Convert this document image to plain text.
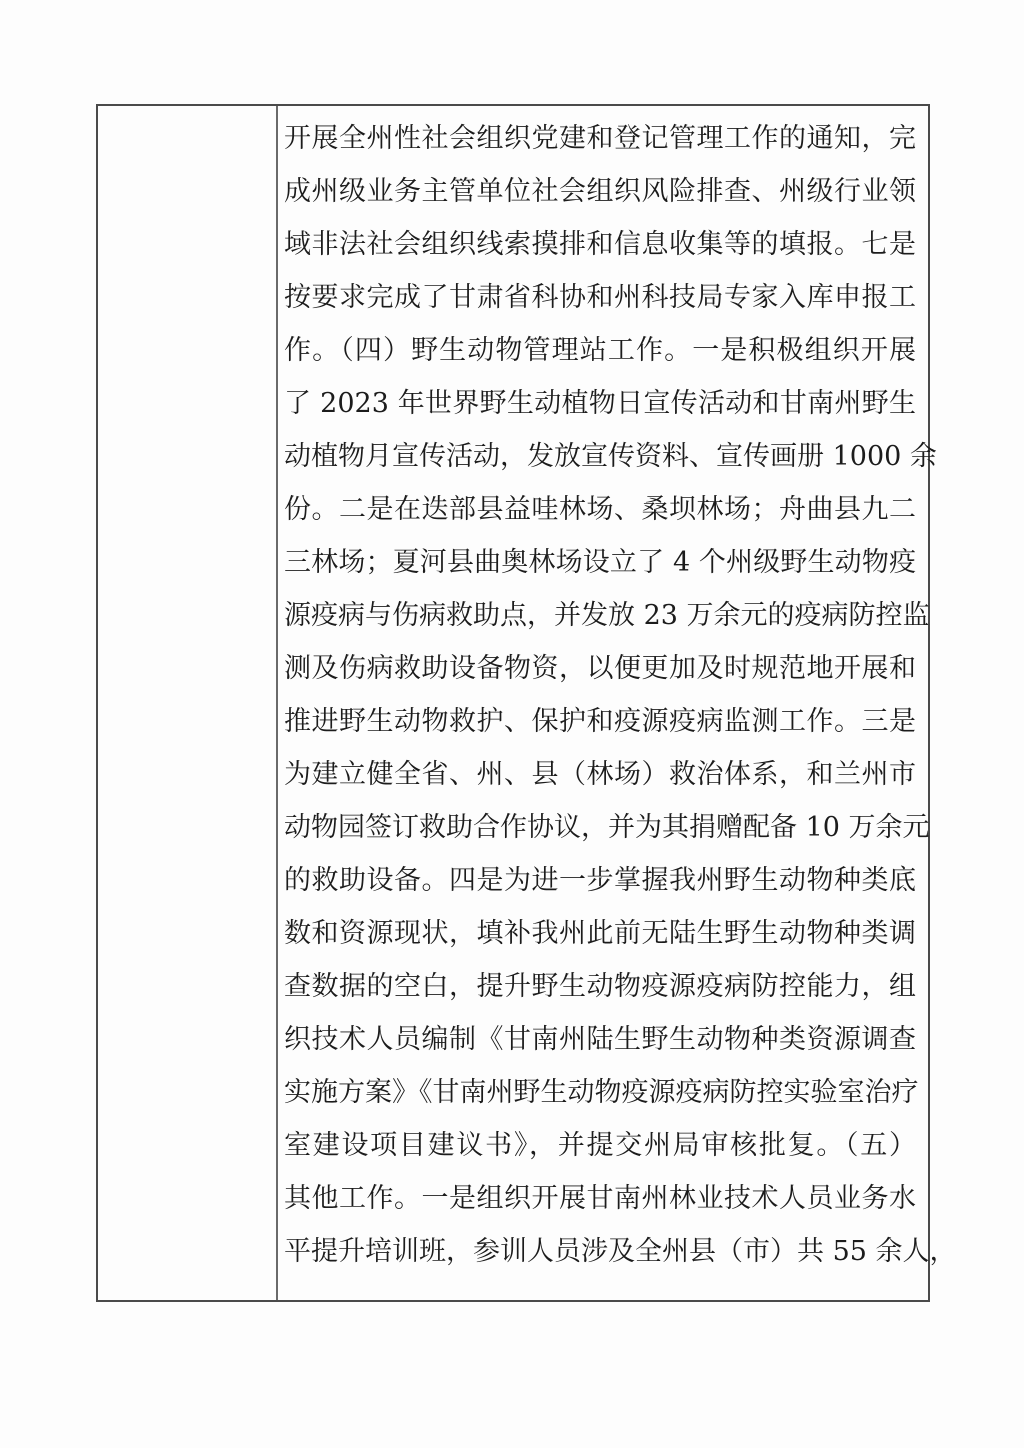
开展全州性社会组织党建和登记管理工作的通知，完
成州级业务主管单位社会组织风险排查、州级行业领
域非法社会组织线索摸排和信息收集等的填报。七是
按要求完成了甘肃省科协和州科技局专家入库申报工
作。（四）野生动物管理站工作。一是积极组织开展
了 2023 年世界野生动植物日宣传活动和甘南州野生
动植物月宣传活动，发放宣传资料、宣传画册 1000 余
份。二是在迭部县益哇林场、桑坝林场；舟曲县九二
三林场；夏河县曲奥林场设立了 4 个州级野生动物疫
源疫病与伤病救助点，并发放 23 万余元的疫病防控监
测及伤病救助设备物资，以便更加及时规范地开展和
推进野生动物救护、保护和疫源疫病监测工作。三是
为建立健全省、州、县（林场）救治体系，和兰州市
动物园签订救助合作协议，并为其捐赠配备 10 万余元
的救助设备。四是为进一步掌握我州野生动物种类底
数和资源现状，填补我州此前无陆生野生动物种类调
查数据的空白，提升野生动物疫源疫病防控能力，组
织技术人员编制《甘南州陆生野生动物种类资源调查
实施方案》《甘南州野生动物疫源疫病防控实验室治疗
室建设项目建议书》，并提交州局审核批复。（五）
其他工作。一是组织开展甘南州林业技术人员业务水
平提升培训班，参训人员涉及全州县（市）共 55 余人，
